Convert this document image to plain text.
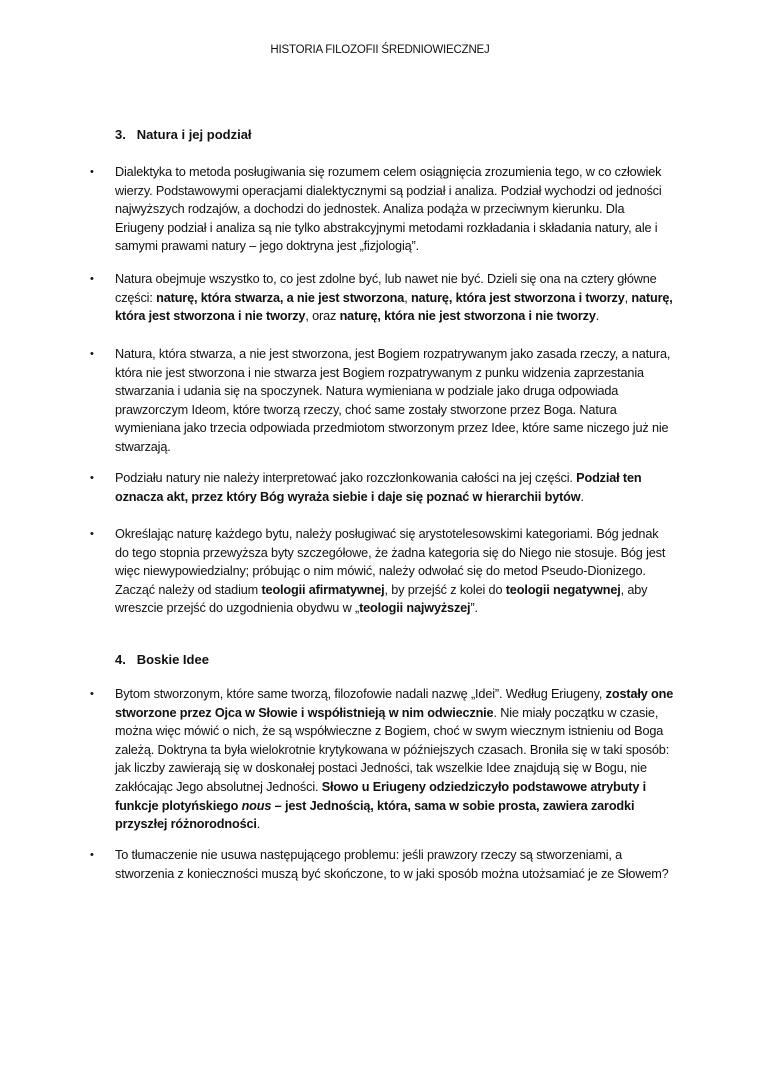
HISTORIA FILOZOFII ŚREDNIOWIECZNEJ
3. Natura i jej podział
•	Dialektyka to metoda posługiwania się rozumem celem osiągnięcia zrozumienia tego, w co człowiek wierzy. Podstawowymi operacjami dialektycznymi są podział i analiza. Podział wychodzi od jedności najwyższych rodzajów, a dochodzi do jednostek. Analiza podąża w przeciwnym kierunku. Dla Eriugeny podział i analiza są nie tylko abstrakcyjnymi metodami rozkładania i składania natury, ale i samymi prawami natury – jego doktryna jest „fizjologią”.
•	Natura obejmuje wszystko to, co jest zdolne być, lub nawet nie być. Dzieli się ona na cztery główne części: naturę, która stwarza, a nie jest stworzona, naturę, która jest stworzona i tworzy, naturę, która jest stworzona i nie tworzy, oraz naturę, która nie jest stworzona i nie tworzy.
•	Natura, która stwarza, a nie jest stworzona, jest Bogiem rozpatrywanym jako zasada rzeczy, a natura, która nie jest stworzona i nie stwarza jest Bogiem rozpatrywanym z punku widzenia zaprzestania stwarzania i udania się na spoczynek. Natura wymieniana w podziale jako druga odpowiada prawzorczym Ideom, które tworzą rzeczy, choć same zostały stworzone przez Boga. Natura wymieniana jako trzecia odpowiada przedmiotom stworzonym przez Idee, które same niczego już nie stwarzają.
•	Podziału natury nie należy interpretować jako rozczłonkowania całości na jej części. Podział ten oznacza akt, przez który Bóg wyraża siebie i daje się poznać w hierarchii bytów.
•	Określając naturę każdego bytu, należy posługiwać się arystotelesowskimi kategoriami. Bóg jednak do tego stopnia przewyższa byty szczegółowe, że żadna kategoria się do Niego nie stosuje. Bóg jest więc niewypowiedzialny; próbując o nim mówić, należy odwołać się do metod Pseudo-Dionizego. Zacząć należy od stadium teologii afirmatywnej, by przejść z kolei do teologii negatywnej, aby wreszcie przejść do uzgodnienia obydwu w „teologii najwyższej”.
4. Boskie Idee
•	Bytom stworzonym, które same tworzą, filozofowie nadali nazwę „Idei”. Według Eriugeny, zostały one stworzone przez Ojca w Słowie i współistnieją w nim odwiecznie. Nie miały początku w czasie, można więc mówić o nich, że są współwieczne z Bogiem, choć w swym wiecznym istnieniu od Boga zależą. Doktryna ta była wielokrotnie krytykowana w późniejszych czasach. Broniła się w taki sposób: jak liczby zawierają się w doskonałej postaci Jedności, tak wszelkie Idee znajdują się w Bogu, nie zakłócając Jego absolutnej Jedności. Słowo u Eriugeny odziedziczyło podstawowe atrybuty i funkcje plotyńskiego nous – jest Jednością, która, sama w sobie prosta, zawiera zarodki przyszłej różnorodności.
•	To tłumaczenie nie usuwa następującego problemu: jeśli prawzory rzeczy są stworzeniami, a stworzenia z konieczności muszą być skończone, to w jaki sposób można utożsamiać je ze Słowem?
